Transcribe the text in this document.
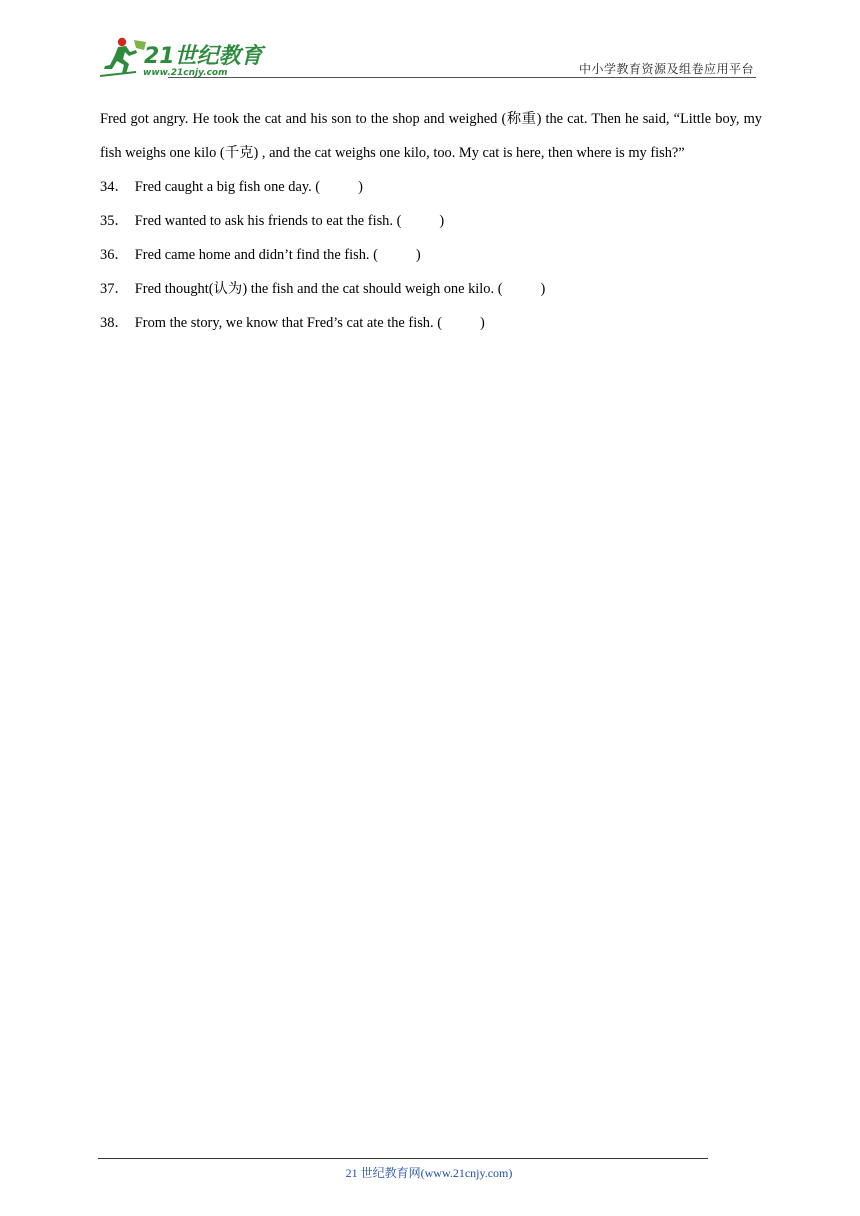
21世纪教育
www.21cnjy.com	中小学教育资源及组卷应用平台

Fred got angry. He took the cat and his son to the shop and weighed (称重) the cat. Then he said, “Little boy, my fish weighs one kilo (千克) , and the cat weighs one kilo, too. My cat is here, then where is my fish?”

34． Fred caught a big fish one day. (	)
35． Fred wanted to ask his friends to eat the fish. (	)
36． Fred came home and didn’t find the fish. (	)
37． Fred thought(认为) the fish and the cat should weigh one kilo. (	)
38． From the story, we know that Fred’s cat ate the fish. (	)
21 世纪教育网(www.21cnjy.com)
